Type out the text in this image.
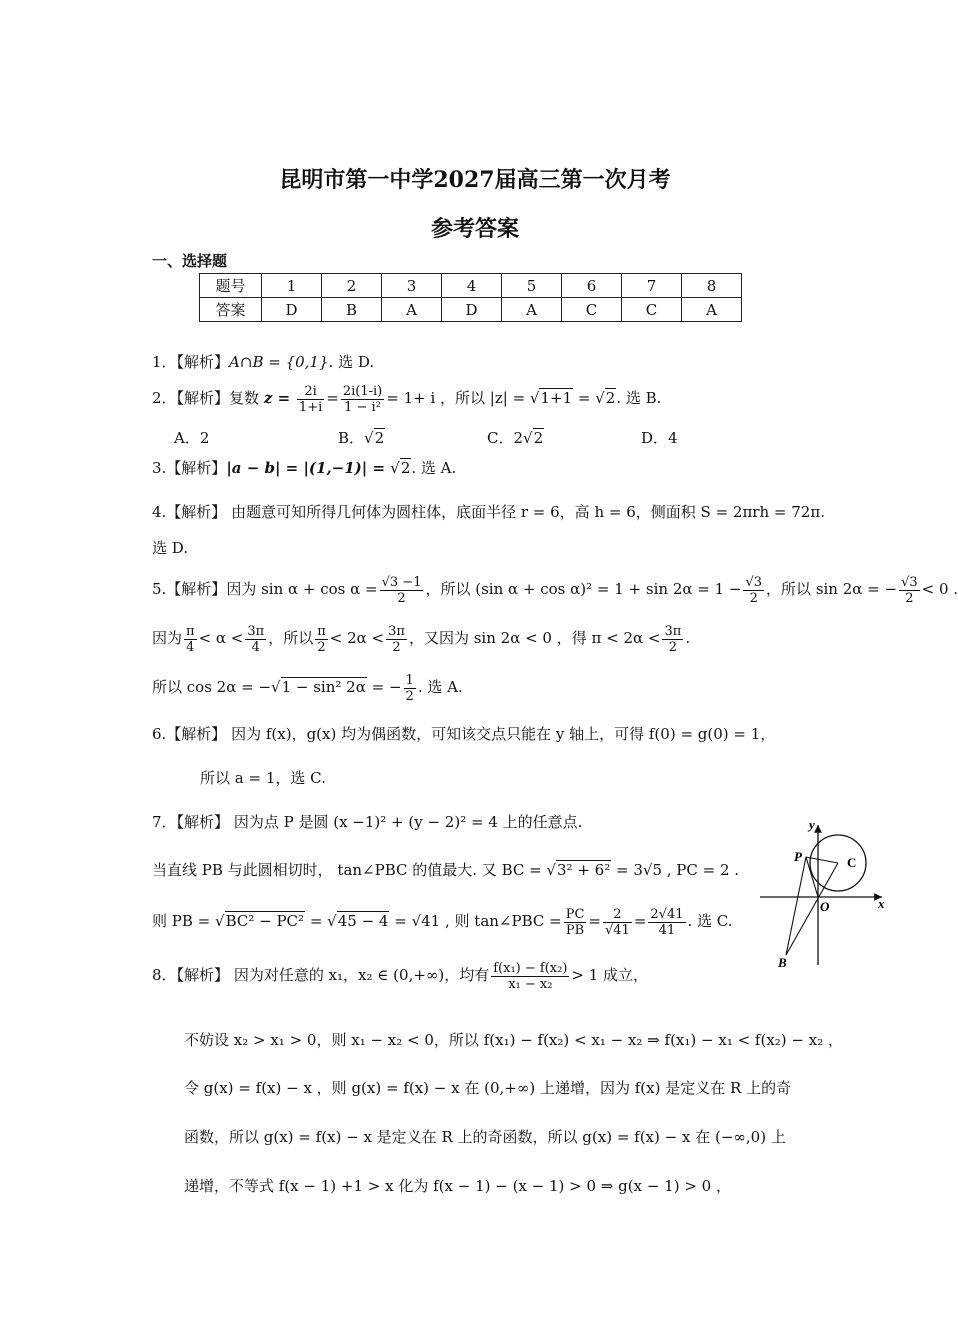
昆明市第一中学2027届高三第一次月考
参考答案
一、选择题
题号	1	2	3	4	5	6	7	8
答案	D	B	A	D	A	C	C	A
1．【解析】A∩B = {0,1}. 选 D.
2．【解析】复数 $z = \frac{2i}{1+i} = \frac{2i(1-i)}{\text{1 − i²}} = 1+ i$ ，所以 |z| = √1+1 = √2. 选 B.
A．2	B．√2	C．2√2	D．4
3.【解析】|a − b| = |(1,−1)| = √2. 选 A.
4.【解析】 由题意可知所得几何体为圆柱体，底面半径 r = 6，高 h = 6，侧面积 S = 2πrh = 72π.
选 D.
5.【解析】因为 $\sin \alpha + \cos \alpha = \frac{√3 -1}{2}$ ，所以 (sin $\alpha + \cos \alpha)^2 = 1 + \sin 2\alpha = 1 - \frac{√3}{2}$ ，所以 sin 2α = − $\frac{√3}{2} < 0$ .
因为 $\frac{\pi}{4} < \alpha < \frac{3\pi}{4}$ ，所以 $\frac{\pi}{2} < 2\alpha < \frac{3\pi}{2}$ ，又因为 sin 2α < 0 ，得 $\pi < 2\alpha < \frac{3\pi}{2}$ .
所以 cos 2α = −√1 − sin² 2α = − $\frac{1}{2}$ . 选 A.
6.【解析】 因为 f(x)，g(x) 均为偶函数，可知该交点只能在 y 轴上，可得 f(0) = g(0) = 1，
所以 a = 1，选 C.
7．【解析】 因为点 P 是圆 (x −1)² + (y − 2)² = 4 上的任意点.
当直线 PB 与此圆相切时， tan∠PBC 的值最大. 又 BC = √3² + 6² = 3√5 , PC = 2 .
则 PB = √BC² − PC² = √45 − 4 = √41 , 则 tan∠PBC = $\frac{PC}{PB} = \frac{2}{√41} = \frac{2√41}{41}$ . 选 C.
y
x
P	C
O
B
8．【解析】 因为对任意的 x₁，x₂ ∈ (0,+∞)，均有 $\frac{\text{f(x₁) − f(x₂)}}{\text{x₁ − x₂}} > 1$ 成立，
不妨设 x₂ > x₁ > 0，则 x₁ − x₂ < 0，所以 f(x₁) − f(x₂) < x₁ − x₂ ⇒ f(x₁) − x₁ < f(x₂) − x₂ ，
令 g(x) = f(x) − x ，则 g(x) = f(x) − x 在 (0,+∞) 上递增，因为 f(x) 是定义在 R 上的奇
函数，所以 g(x) = f(x) − x 是定义在 R 上的奇函数，所以 g(x) = f(x) − x 在 (−∞,0) 上
递增，不等式 f(x − 1) +1 > x 化为 f(x − 1) − (x − 1) > 0 ⇒ g(x − 1) > 0 ，
